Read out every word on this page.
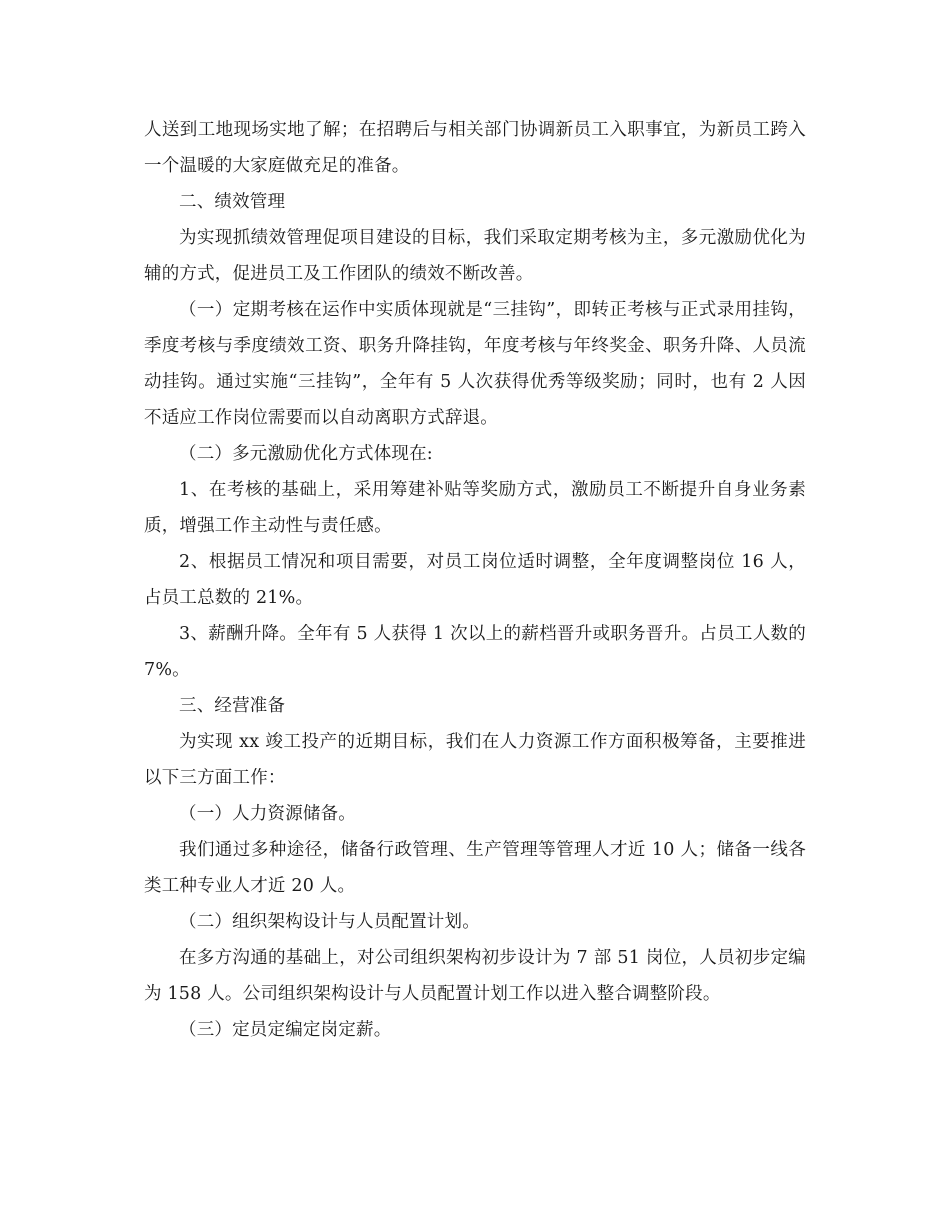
人送到工地现场实地了解；在招聘后与相关部门协调新员工入职事宜，为新员工跨入一个温暖的大家庭做充足的准备。

二、绩效管理

为实现抓绩效管理促项目建设的目标，我们采取定期考核为主，多元激励优化为辅的方式，促进员工及工作团队的绩效不断改善。

（一）定期考核在运作中实质体现就是“三挂钩”，即转正考核与正式录用挂钩，季度考核与季度绩效工资、职务升降挂钩，年度考核与年终奖金、职务升降、人员流动挂钩。通过实施“三挂钩”，全年有 5 人次获得优秀等级奖励；同时，也有 2 人因不适应工作岗位需要而以自动离职方式辞退。

（二）多元激励优化方式体现在:

1、在考核的基础上，采用筹建补贴等奖励方式，激励员工不断提升自身业务素质，增强工作主动性与责任感。

2、根据员工情况和项目需要，对员工岗位适时调整，全年度调整岗位 16 人，占员工总数的 21%。

3、薪酬升降。全年有 5 人获得 1 次以上的薪档晋升或职务晋升。占员工人数的 7%。

三、经营准备

为实现 xx 竣工投产的近期目标，我们在人力资源工作方面积极筹备，主要推进以下三方面工作：

（一）人力资源储备。

我们通过多种途径，储备行政管理、生产管理等管理人才近 10 人；储备一线各类工种专业人才近 20 人。

（二）组织架构设计与人员配置计划。

在多方沟通的基础上，对公司组织架构初步设计为 7 部 51 岗位，人员初步定编为 158 人。公司组织架构设计与人员配置计划工作以进入整合调整阶段。

（三）定员定编定岗定薪。
